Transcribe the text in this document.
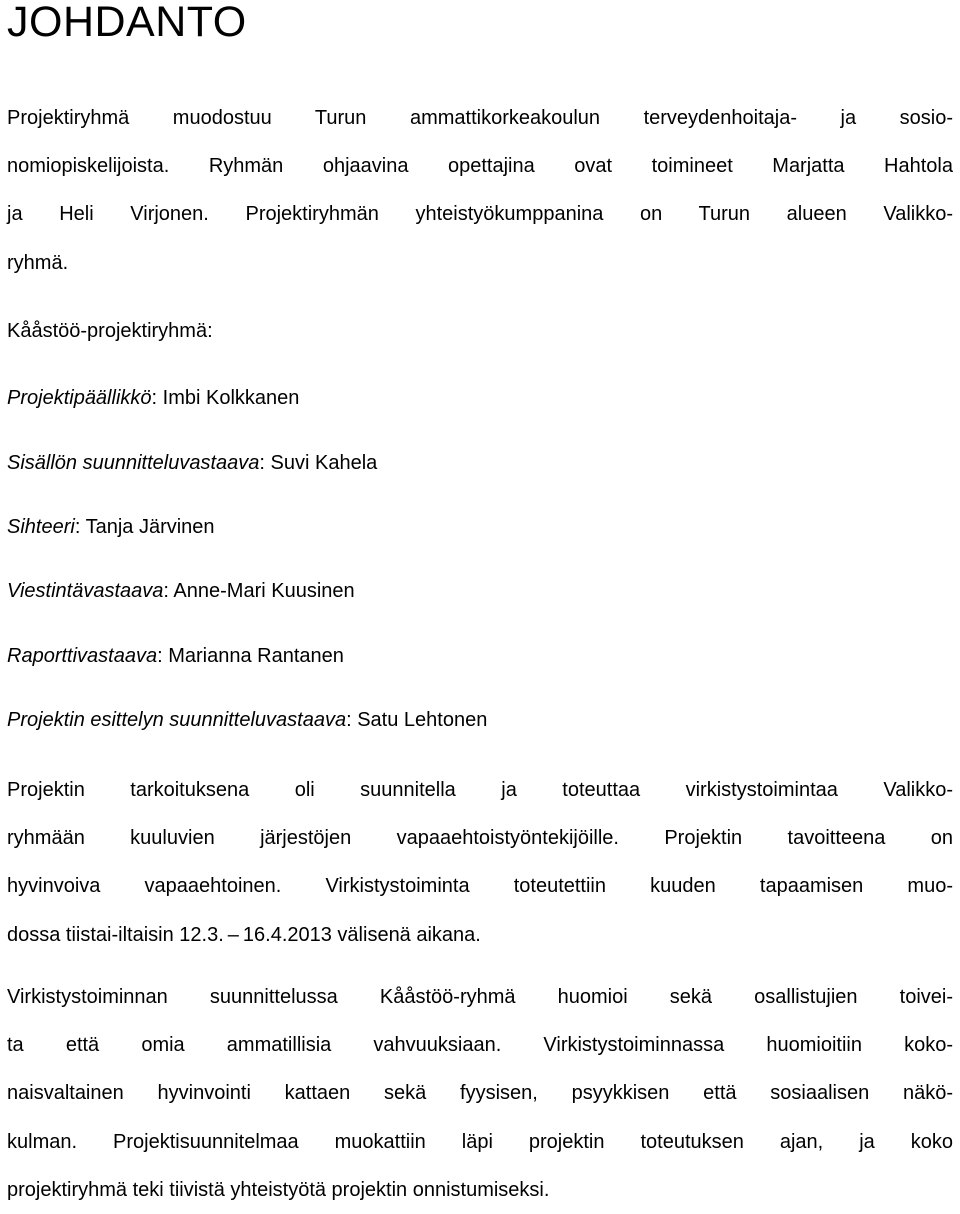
JOHDANTO

Projektiryhmä muodostuu Turun ammattikorkeakoulun terveydenhoitaja- ja sosio-
nomiopiskelijoista. Ryhmän ohjaavina opettajina ovat toimineet Marjatta Hahtola
ja Heli Virjonen. Projektiryhmän yhteistyökumppanina on Turun alueen Valikko-
ryhmä.

Kååstöö-projektiryhmä:

Projektipäällikkö: Imbi Kolkkanen

Sisällön suunnitteluvastaava: Suvi Kahela

Sihteeri: Tanja Järvinen

Viestintävastaava: Anne-Mari Kuusinen

Raporttivastaava: Marianna Rantanen

Projektin esittelyn suunnitteluvastaava: Satu Lehtonen

Projektin tarkoituksena oli suunnitella ja toteuttaa virkistystoimintaa Valikko-
ryhmään kuuluvien järjestöjen vapaaehtoistyöntekijöille. Projektin tavoitteena on
hyvinvoiva vapaaehtoinen. Virkistystoiminta toteutettiin kuuden tapaamisen muo-
dossa tiistai-iltaisin 12.3. – 16.4.2013 välisenä aikana.

Virkistystoiminnan suunnittelussa Kååstöö-ryhmä huomioi sekä osallistujien toivei-
ta että omia ammatillisia vahvuuksiaan. Virkistystoiminnassa huomioitiin koko-
naisvaltainen hyvinvointi kattaen sekä fyysisen, psyykkisen että sosiaalisen näkö-
kulman. Projektisuunnitelmaa muokattiin läpi projektin toteutuksen ajan, ja koko
projektiryhmä teki tiivistä yhteistyötä projektin onnistumiseksi.
